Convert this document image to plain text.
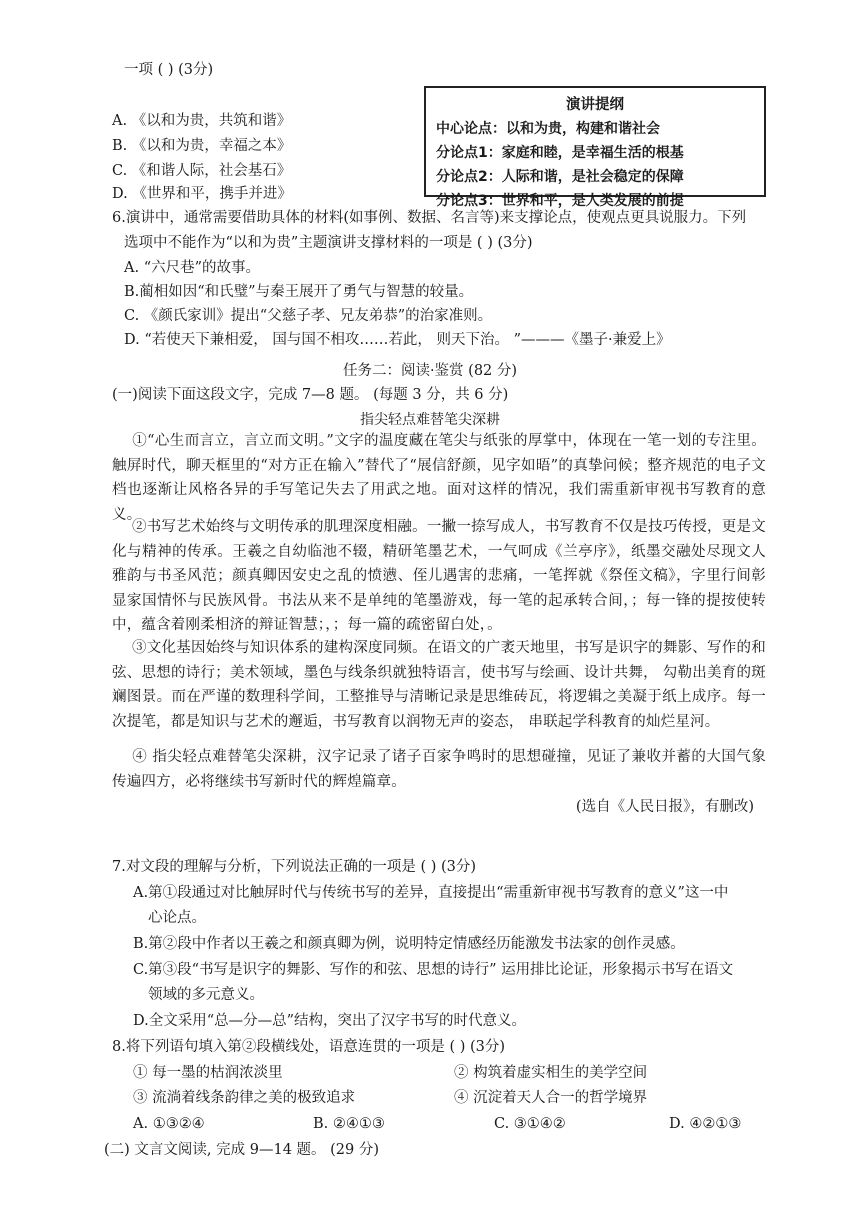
一项 ( ) (3分)
A. 《以和为贵，共筑和谐》
B. 《以和为贵，幸福之本》
C. 《和谐人际，社会基石》
D. 《世界和平，携手并进》
演讲提纲
中心论点：以和为贵，构建和谐社会
分论点1：家庭和睦，是幸福生活的根基
分论点2：人际和谐，是社会稳定的保障
分论点3：世界和平，是人类发展的前提
6.演讲中，通常需要借助具体的材料(如事例、数据、名言等)来支撑论点，使观点更具说服力。下列
选项中不能作为“以和为贵”主题演讲支撑材料的一项是 ( ) (3分)
A. “六尺巷”的故事。
B.蔺相如因“和氏璧”与秦王展开了勇气与智慧的较量。
C. 《颜氏家训》提出“父慈子孝、兄友弟恭”的治家准则。
D. “若使天下兼相爱， 国与国不相攻……若此， 则天下治。 ”———《墨子·兼爱上》
任务二：阅读·鉴赏 (82 分)
(一)阅读下面这段文字，完成 7—8 题。 (每题 3 分，共 6 分)
指尖轻点难替笔尖深耕
①“心生而言立，言立而文明。”文字的温度藏在笔尖与纸张的厚掌中，体现在一笔一划的专注里。触屏时代，聊天框里的“对方正在输入”替代了“展信舒颜，见字如晤”的真挚问候；整齐规范的电子文档也逐渐让风格各异的手写笔记失去了用武之地。面对这样的情况，我们需重新审视书写教育的意义。
②书写艺术始终与文明传承的肌理深度相融。一撇一捺写成人，书写教育不仅是技巧传授，更是文化与精神的传承。王羲之自幼临池不辍，精研笔墨艺术，一气呵成《兰亭序》，纸墨交融处尽现文人雅韵与书圣风范；颜真卿因安史之乱的愤懑、侄儿遇害的悲痛，一笔挥就《祭侄文稿》，字里行间彰显家国情怀与民族风骨。书法从来不是单纯的笔墨游戏，每一笔的起承转合间，；每一锋的提按使转中，蕴含着刚柔相济的辩证智慧；，；每一篇的疏密留白处，。
③文化基因始终与知识体系的建构深度同频。在语文的广袤天地里，书写是识字的舞影、写作的和弦、思想的诗行；美术领域，墨色与线条织就独特语言，使书写与绘画、设计共舞， 勾勒出美育的斑斓图景。而在严谨的数理科学间，工整推导与清晰记录是思维砖瓦，将逻辑之美凝于纸上成序。每一次提笔，都是知识与艺术的邂逅，书写教育以润物无声的姿态， 串联起学科教育的灿烂星河。
④ 指尖轻点难替笔尖深耕，汉字记录了诸子百家争鸣时的思想碰撞，见证了兼收并蓄的大国气象传遍四方，必将继续书写新时代的辉煌篇章。
(选自《人民日报》，有删改)
7.对文段的理解与分析，下列说法正确的一项是 ( ) (3分)
A.第①段通过对比触屏时代与传统书写的差异，直接提出“需重新审视书写教育的意义”这一中
心论点。
B.第②段中作者以王羲之和颜真卿为例，说明特定情感经历能激发书法家的创作灵感。
C.第③段“书写是识字的舞影、写作的和弦、思想的诗行” 运用排比论证，形象揭示书写在语文
领域的多元意义。
D.全文采用“总—分—总”结构，突出了汉字书写的时代意义。
8.将下列语句填入第②段横线处，语意连贯的一项是 ( ) (3分)
① 每一墨的枯润浓淡里	② 构筑着虚实相生的美学空间
③ 流淌着线条韵律之美的极致追求	④ 沉淀着天人合一的哲学境界
A. ①③②④	B. ②④①③	C. ③①④②	D. ④②①③
(二) 文言文阅读, 完成 9—14 题。 (29 分)
